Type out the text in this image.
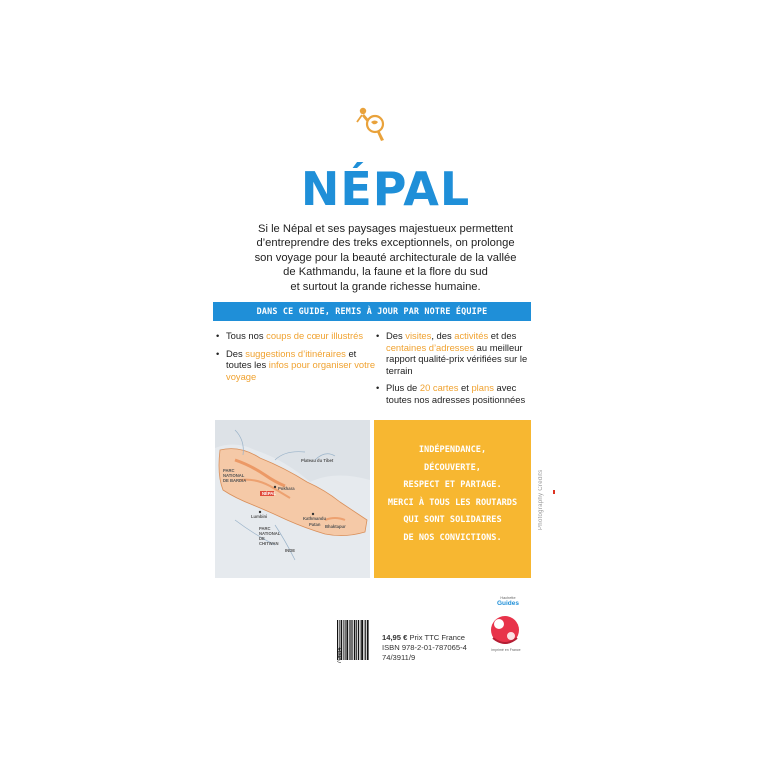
NÉPAL
Si le Népal et ses paysages majestueux permettent
d’entreprendre des treks exceptionnels, on prolonge
son voyage pour la beauté architecturale de la vallée
de Kathmandu, la faune et la flore du sud
et surtout la grande richesse humaine.
DANS CE GUIDE, REMIS À JOUR PAR NOTRE ÉQUIPE
• Tous nos coups de cœur illustrés
• Des suggestions d’itinéraires et toutes les infos pour organiser votre voyage
• Des visites, des activités et des centaines d’adresses au meilleur rapport qualité-prix vérifiées sur le terrain
• Plus de 20 cartes et plans avec toutes nos adresses positionnées
PARC NATIONAL DE BARDIA
NÉPAL
Pokhara
Lumbini	Kathmandu
Patan Bhaktapur
PARC NATIONAL DE CHITWAN
Plateau du Tibet
INDE
INDÉPENDANCE,
DÉCOUVERTE,
RESPECT ET PARTAGE.
MERCI À TOUS LES ROUTARDS
QUI SONT SOLIDAIRES
DE NOS CONVICTIONS.
Photography Credits
70654
14,95 € Prix TTC France
ISBN 978-2-01-787065-4
74/3911/9
Hachette
Guides
imprimé en France
